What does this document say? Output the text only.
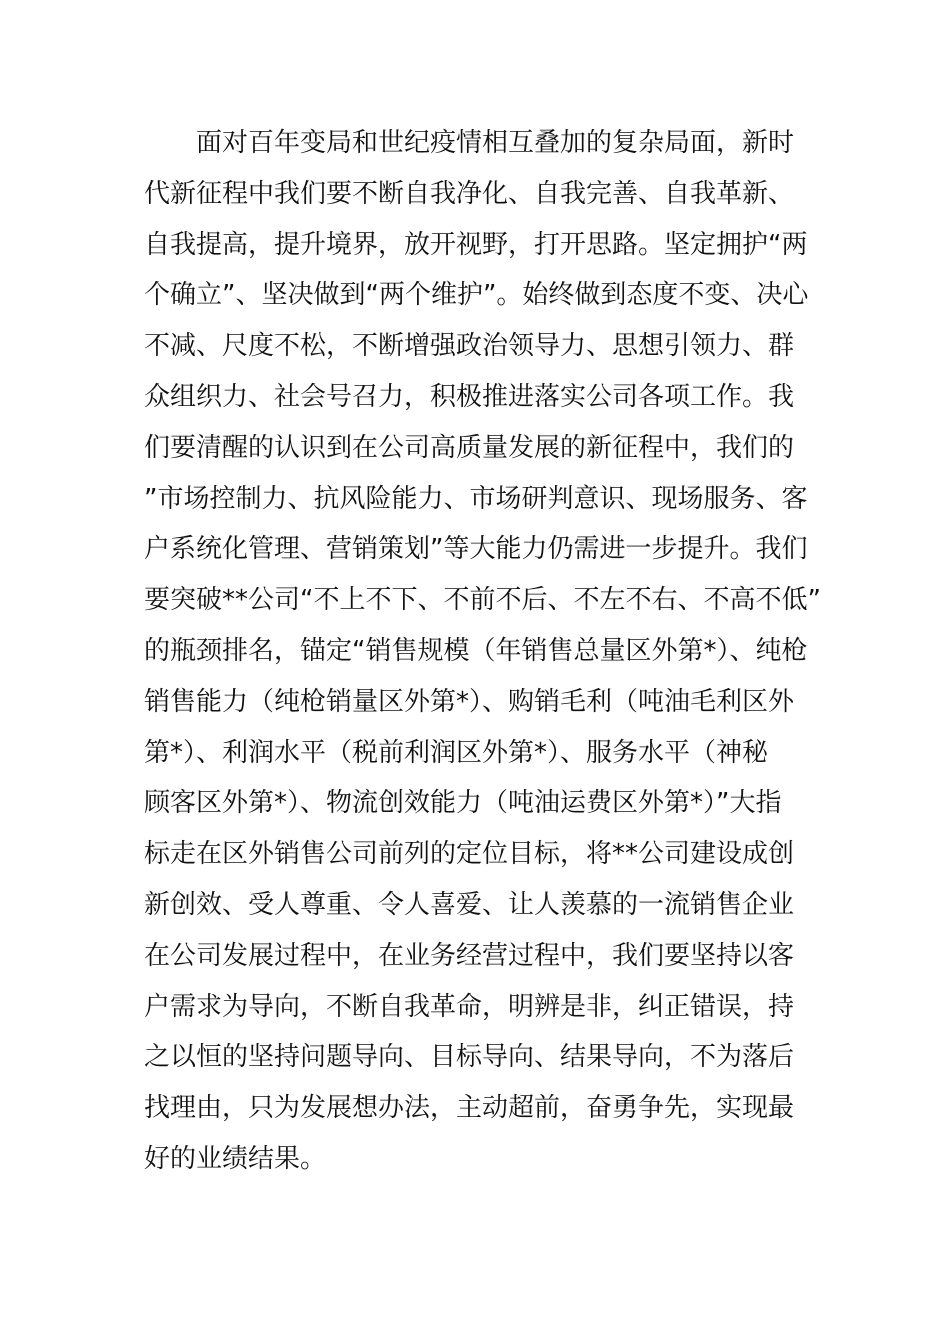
　　面对百年变局和世纪疫情相互叠加的复杂局面，新时
代新征程中我们要不断自我净化、自我完善、自我革新、
自我提高，提升境界，放开视野，打开思路。坚定拥护“两
个确立”、坚决做到“两个维护”。始终做到态度不变、决心
不减、尺度不松，不断增强政治领导力、思想引领力、群
众组织力、社会号召力，积极推进落实公司各项工作。我
们要清醒的认识到在公司高质量发展的新征程中，我们的
”市场控制力、抗风险能力、市场研判意识、现场服务、客
户系统化管理、营销策划”等大能力仍需进一步提升。我们
要突破**公司“不上不下、不前不后、不左不右、不高不低”
的瓶颈排名，锚定“销售规模（年销售总量区外第*）、纯枪
销售能力（纯枪销量区外第*）、购销毛利（吨油毛利区外
第*）、利润水平（税前利润区外第*）、服务水平（神秘
顾客区外第*）、物流创效能力（吨油运费区外第*）”大指
标走在区外销售公司前列的定位目标，将**公司建设成创
新创效、受人尊重、令人喜爱、让人羡慕的一流销售企业
在公司发展过程中，在业务经营过程中，我们要坚持以客
户需求为导向，不断自我革命，明辨是非，纠正错误，持
之以恒的坚持问题导向、目标导向、结果导向，不为落后
找理由，只为发展想办法，主动超前，奋勇争先，实现最
好的业绩结果。
